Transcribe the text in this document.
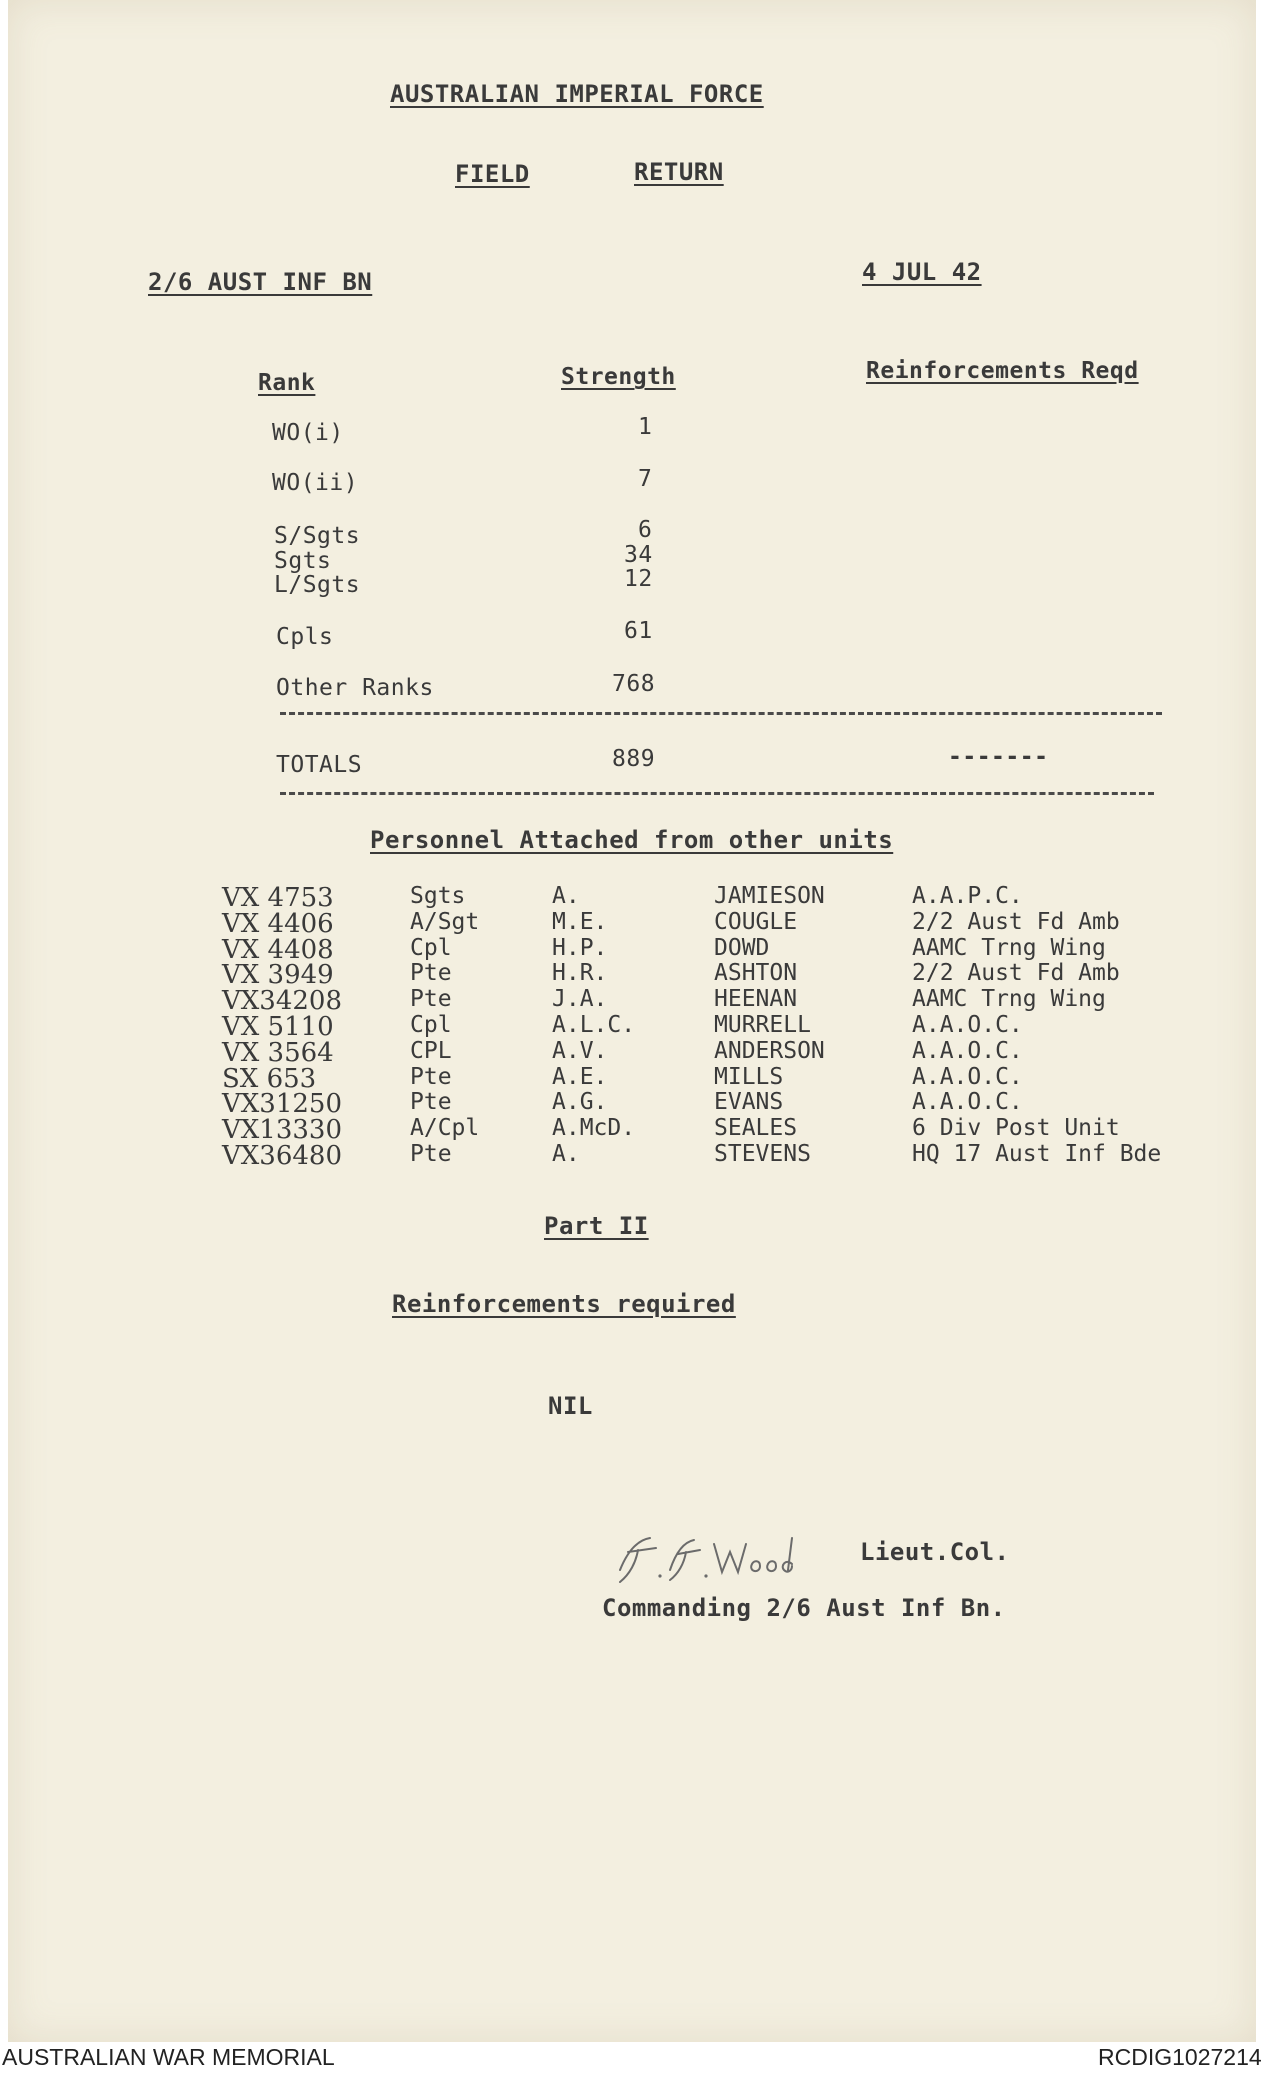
AUSTRALIAN IMPERIAL FORCE
FIELD	RETURN
2/6 AUST INF BN	4 JUL 42
Rank	Strength	Reinforcements Reqd
WO(i)	1
WO(ii)	7
S/Sgts	6
Sgts	34
L/Sgts	12
Cpls	61
Other Ranks	768
TOTALS	889	-------
Personnel Attached from other units
VX 4753	Sgts	A.	JAMIESON	A.A.P.C.
VX 4406	A/Sgt	M.E.	COUGLE	2/2 Aust Fd Amb
VX 4408	Cpl	H.P.	DOWD	AAMC Trng Wing
VX 3949	Pte	H.R.	ASHTON	2/2 Aust Fd Amb
VX34208	Pte	J.A.	HEENAN	AAMC Trng Wing
VX 5110	Cpl	A.L.C.	MURRELL	A.A.O.C.
VX 3564	CPL	A.V.	ANDERSON	A.A.O.C.
SX 653	Pte	A.E.	MILLS	A.A.O.C.
VX31250	Pte	A.G.	EVANS	A.A.O.C.
VX13330	A/Cpl	A.McD.	SEALES	6 Div Post Unit
VX36480	Pte	A.	STEVENS	HQ 17 Aust Inf Bde
Part II
Reinforcements required
NIL
Lieut.Col.
Commanding 2/6 Aust Inf Bn.
AUSTRALIAN WAR MEMORIAL	RCDIG1027214
